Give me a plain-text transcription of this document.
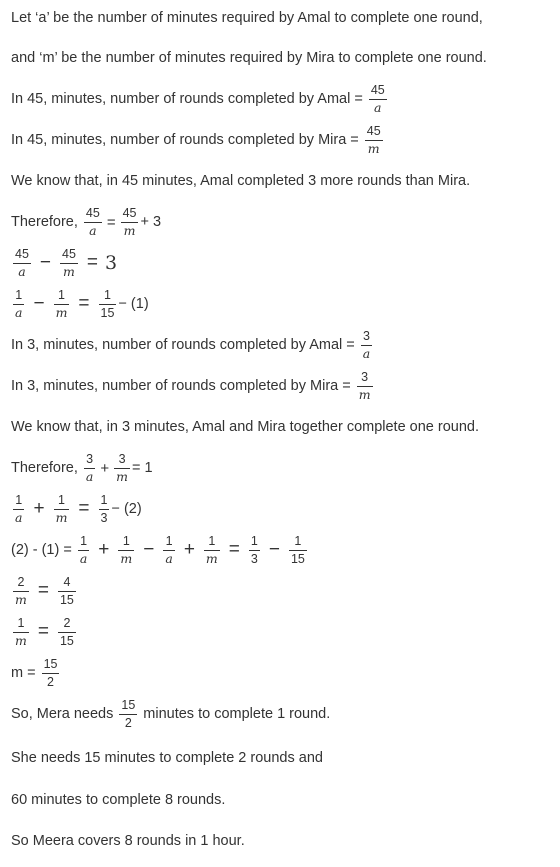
Let ‘a’ be the number of minutes required by Amal to complete one round,
and ‘m’ be the number of minutes required by Mira to complete one round.
In 45, minutes, number of rounds completed by Amal = $\frac{45}{a}$
In 45, minutes, number of rounds completed by Mira = $\frac{45}{m}$
We know that, in 45 minutes, Amal completed 3 more rounds than Mira.
Therefore, $\frac{45}{a} = \frac{45}{m} + 3$
$\frac{45}{a} - \frac{45}{m} = 3$
$\frac{1}{a} - \frac{1}{m} = \frac{1}{15} - (1)$
In 3, minutes, number of rounds completed by Amal = $\frac{3}{a}$
In 3, minutes, number of rounds completed by Mira = $\frac{3}{m}$
We know that, in 3 minutes, Amal and Mira together complete one round.
Therefore, $\frac{3}{a} + \frac{3}{m} = 1$
$\frac{1}{a} + \frac{1}{m} = \frac{1}{3} - (2)$
$(2) - (1) = \frac{1}{a} + \frac{1}{m} - \frac{1}{a} + \frac{1}{m} = \frac{1}{3} - \frac{1}{15}$
$\frac{2}{m} = \frac{4}{15}$
$\frac{1}{m} = \frac{2}{15}$
$m = \frac{15}{2}$
So, Mera needs $\frac{15}{2}$ minutes to complete 1 round.
She needs 15 minutes to complete 2 rounds and
60 minutes to complete 8 rounds.
So Meera covers 8 rounds in 1 hour.
